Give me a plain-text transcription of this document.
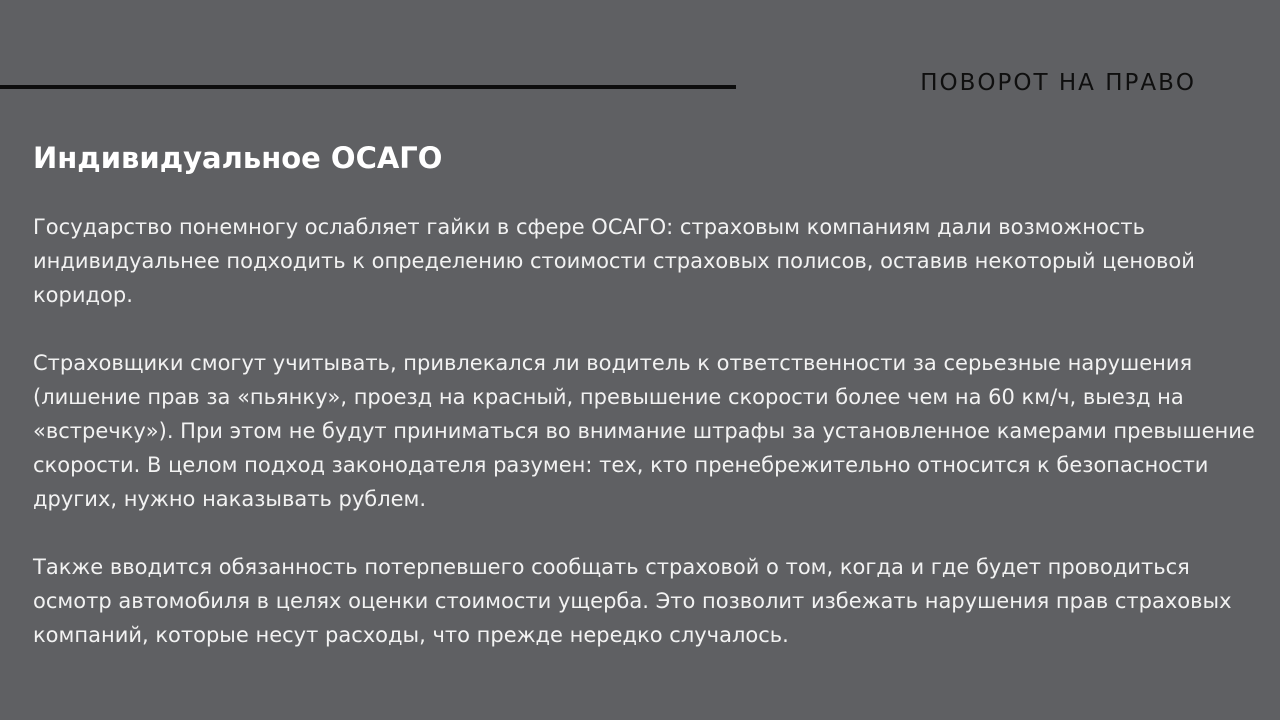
ПОВОРОТ НА ПРАВО
Индивидуальное ОСАГО

Государство понемногу ослабляет гайки в сфере ОСАГО: страховым компаниям дали возможность индивидуальнее подходить к определению стоимости страховых полисов, оставив некоторый ценовой коридор.

Страховщики смогут учитывать, привлекался ли водитель к ответственности за серьезные нарушения (лишение прав за «пьянку», проезд на красный, превышение скорости более чем на 60 км/ч, выезд на «встречку»). При этом не будут приниматься во внимание штрафы за установленное камерами превышение скорости. В целом подход законодателя разумен: тех, кто пренебрежительно относится к безопасности других, нужно наказывать рублем.

Также вводится обязанность потерпевшего сообщать страховой о том, когда и где будет проводиться осмотр автомобиля в целях оценки стоимости ущерба. Это позволит избежать нарушения прав страховых компаний, которые несут расходы, что прежде нередко случалось.
